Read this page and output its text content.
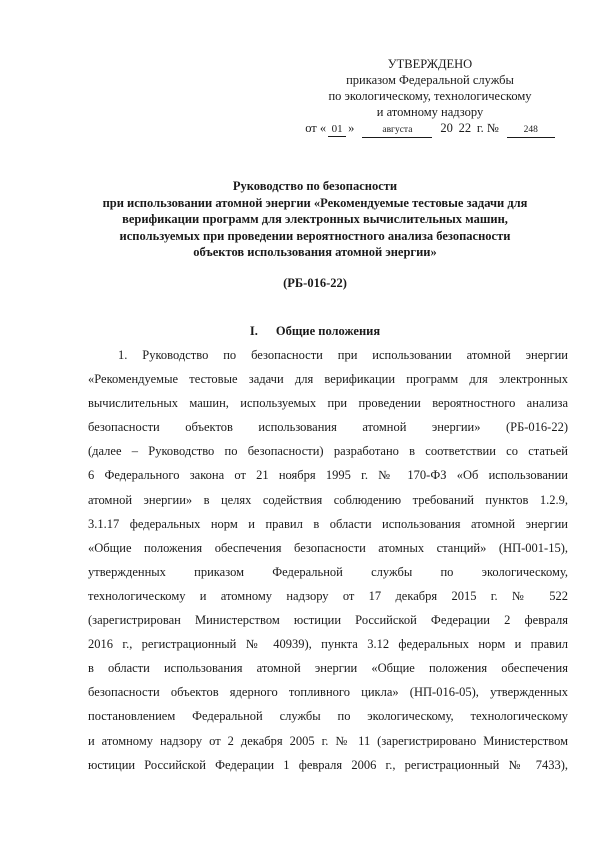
УТВЕРЖДЕНО
приказом Федеральной службы
по экологическому, технологическому
и атомному надзору
от « 01 »	августа	20 22 г. №	248
Руководство по безопасности
при использовании атомной энергии «Рекомендуемые тестовые задачи для
верификации программ для электронных вычислительных машин,
используемых при проведении вероятностного анализа безопасности
объектов использования атомной энергии»
(РБ-016-22)
I. Общие положения
1. Руководство по безопасности при использовании атомной энергии
«Рекомендуемые тестовые задачи для верификации программ для электронных
вычислительных машин, используемых при проведении вероятностного анализа
безопасности объектов использования атомной энергии» (РБ-016-22)
(далее – Руководство по безопасности) разработано в соответствии со статьей
6 Федерального закона от 21 ноября 1995 г. № 170-ФЗ «Об использовании
атомной энергии» в целях содействия соблюдению требований пунктов 1.2.9,
3.1.17 федеральных норм и правил в области использования атомной энергии
«Общие положения обеспечения безопасности атомных станций» (НП-001-15),
утвержденных приказом Федеральной службы по экологическому,
технологическому и атомному надзору от 17 декабря 2015 г. № 522
(зарегистрирован Министерством юстиции Российской Федерации 2 февраля
2016 г., регистрационный № 40939), пункта 3.12 федеральных норм и правил
в области использования атомной энергии «Общие положения обеспечения
безопасности объектов ядерного топливного цикла» (НП-016-05), утвержденных
постановлением Федеральной службы по экологическому, технологическому
и атомному надзору от 2 декабря 2005 г. № 11 (зарегистрировано Министерством
юстиции Российской Федерации 1 февраля 2006 г., регистрационный № 7433),
